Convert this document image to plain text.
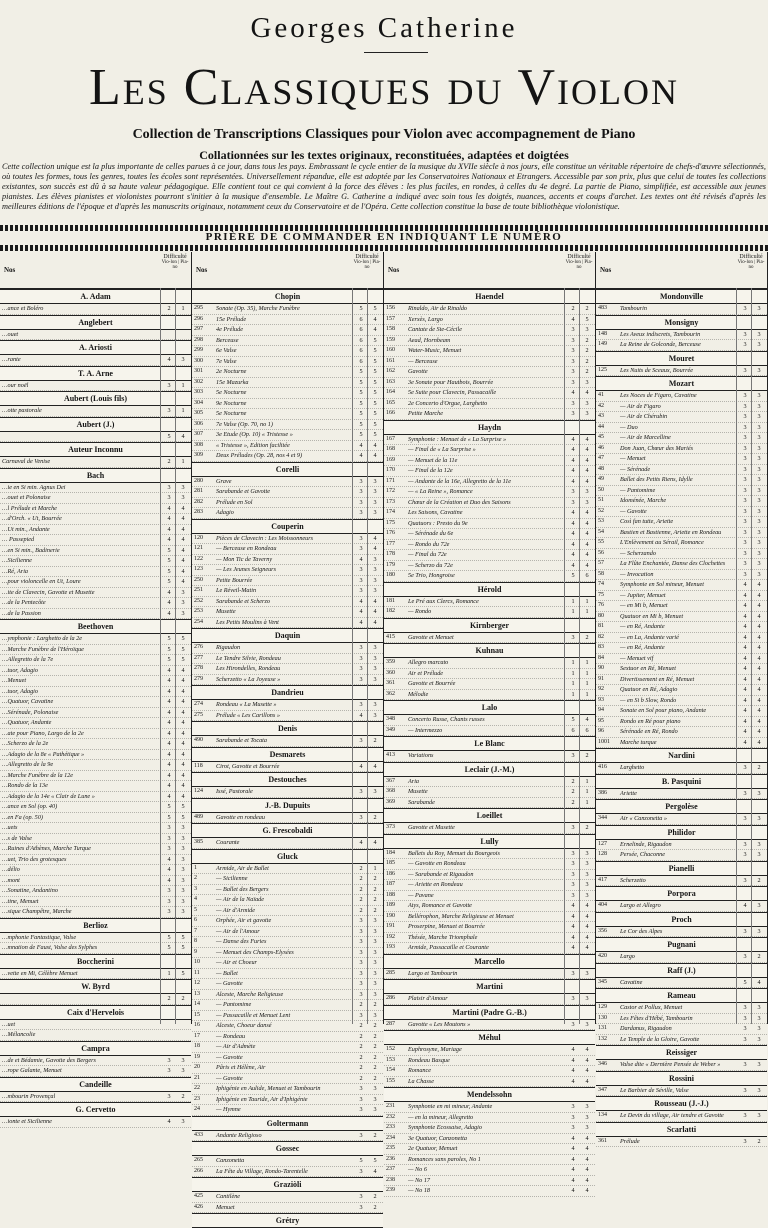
Georges Catherine
Les Classiques du Violon
Collection de Transcriptions Classiques pour Violon avec accompagnement de Piano
Collationnées sur les textes originaux, reconstituées, adaptées et doigtées
Cette collection unique est la plus importante de celles parues à ce jour, dans tous les pays. Embrassant le cycle entier de la musique du XVIIe siècle à nos jours, elle constitue un véritable répertoire de chefs-d'œuvre sélectionnés, où toutes les formes, tous les genres, toutes les écoles sont représentées. Universellement répandue, elle est adoptée par les Conservatoires Nationaux et Etrangers. Accessible par son prix, plus que celui de toutes les collections existantes, son succès est dû à sa haute valeur pédagogique. Elle contient tout ce qui convient à la force des élèves : les plus faciles, en rondes, à celles du 4e degré. La partie de Piano, simplifiée, est accessible aux jeunes pianistes. Les élèves pianistes et violonistes pourront s'initier à la musique d'ensemble. Le Maître G. Catherine a indiqué avec soin tous les doigtés, nuances, accents et coups d'archet. Les textes ont été révisés d'après les meilleures éditions de l'époque et d'après les manuscrits originaux, notamment ceux du Conservatoire et de l'Opéra. Cette collection constitue la base de toute bibliothèque violonistique.
PRIÈRE DE COMMANDER EN INDIQUANT LE NUMÉRO
Nos
Difficulté
Vio-lon | Pia-no
A. Adam
…ance et Boléro	2	1
Anglebert
…ouet
A. Ariosti
…rante	4	3
T. A. Arne
…our noël	3	1
Aubert (Louis fils)
…otte pastorale	3	1
Aubert (J.)
5	4
Auteur Inconnu
Carnaval de Venise	2	1
Bach
…ie en Si min. Agnus Dei	3	3
…ouet et Polonaise	3	3
…l Prélude et Marche	4	4
…d'Orch. « Ut, Bourrée	4	4
…Ut min., Andante	4	4
… Passepied	4	4
…en Si min., Badinerie	5	4
…Sicilienne	5	4
…Ré, Aria	5	4
…pour violoncelle en Ut, Loure	5	4
…ite de Clavecin, Gavotte et Musette	4	3
…de la Pentecôte	4	3
…de la Passion	4	3
Beethoven
…ymphonie : Larghetto de la 2e	5	5
…Marche Funèbre de l'Héroïque	5	5
…Allegretto de la 7e	5	5
…tuor, Adagio	4	4
…Menuet	4	4
…tuor, Adagio	4	4
…Quatuor, Cavatine	4	4
…Sérénade, Polonaise	4	4
…Quatuor, Andante	4	4
…ate pour Piano, Largo de la 2e	4	4
…Scherzo de la 2e	4	4
…Adagio de la 8e « Pathétique »	4	4
…Allegretto de la 9e	4	4
…Marche Funèbre de la 12e	4	4
…Rondo de la 13e	4	4
…Adagio de la 14e « Clair de Lune »	4	4
…ance en Sol (op. 40)	5	5
…en Fa (op. 50)	5	5
…uets	3	3
…s de Valse	3	3
…Ruines d'Athènes, Marche Turque	3	3
…uet, Trio des grotesques	4	3
…délio	4	3
…mont	4	3
…Sonatine, Andantino	3	3
…tine, Menuet	3	3
…sique Champêtre, Marche	3	3
Berlioz
…mphonie Fantastique, Valse	5	5
…mnation de Faust, Valse des Sylphes	5	5
Boccherini
…vette en Mi, Célèbre Menuet	1	5
W. Byrd
2	2
Caix d'Hervelois
…uet
…Mélancolie
Campra
…de et Bédamie, Gavotte des Bergers	3	3
…rope Galante, Menuet	3	3
Candeille
…mbourin Provençal	3	2
G. Cervetto
…ionte et Sicilienne	4	3
Nos
Difficulté
Vio-lon | Pia-no
Chopin
295	Sonate (Op. 35), Marche Funèbre	5	5
296	15e Prélude	6	4
297	4e Prélude	6	4
298	Berceuse	6	5
299	6e Valse	6	5
300	7e Valse	6	5
301	2e Nocturne	5	5
302	15e Mazurka	5	5
303	5e Nocturne	5	5
304	9e Nocturne	5	5
305	5e Nocturne	5	5
306	7e Valse (Op. 70, no 1)	5	5
307	3e Etude (Op. 10) « Tristesse »	5	5
308	« Tristesse », Edition facilitée	4	4
309	Deux Préludes (Op. 28, nos 4 et 9)	4	4
Corelli
280	Grave	3	3
281	Sarabande et Gavotte	3	3
282	Prélude en Sol	3	3
283	Adagio	3	3
Couperin
120	Pièces de Clavecin : Les Moissonneurs	3	4
121	— Berceuse en Rondeau	3	4
122	— Mon Tic de Taverny	4	3
123	— Les Jeunes Seigneurs	3	3
250	Petite Bourrée	3	3
251	Le Réveil-Matin	3	3
252	Sarabande et Scherzo	4	4
253	Musette	4	4
254	Les Petits Moulins à Vent	4	4
Daquin
276	Rigaudon	3	3
277	Le Tendre Silvie, Rondeau	3	3
278	Les Hirondelles, Rondeau	3	3
279	Scherzetto « La Joyeuse »	3	3
Dandrieu
274	Rondeau « La Musette »	3	3
275	Prélude « Les Carillons »	4	3
Denis
490	Sarabande et Tocata	3	2
Desmarets
118	Cirot, Gavotte et Bourrée	4	4
Destouches
124	Issé, Pastorale	3	3
J.-B. Dupuits
489	Gavotte en rondeau	3	2
G. Frescobaldi
385	Courante	4	4
Gluck
1	Armide, Air de Ballet	2	1
2	— Sicilienne	2	2
3	— Ballet des Bergers	2	2
4	— Air de la Naïade	2	2
5	— Air d'Armide	2	2
6	Orphée, Air et gavotte	3	3
7	— Air de l'Amour	3	3
8	— Danse des Furies	3	3
9	— Menuet des Champs-Elysées	3	3
10	— Air et Choeur	3	3
11	— Ballet	3	3
12	— Gavotte	3	3
13	Alceste, Marche Religieuse	3	3
14	— Pantomime	2	2
15	— Passacaille et Menuet Lent	3	3
16	Alceste, Choeur dansé	2	2
17	— Rondeau	2	2
18	— Air d'Admète	2	2
19	— Gavotte	2	2
20	Pâris et Hélène, Air	2	2
21	— Gavotte	2	2
22	Iphigénie en Aulide, Menuet et Tambourin	3	3
23	Iphigénie en Tauride, Air d'Iphigénie	3	3
24	— Hymne	3	3
Goltermann
433	Andante Religioso	3	2
Gossec
265	Canzonetta	5	5
266	La Fête du Village, Rondo-Tarentelle	3	4
Graziòli
425	Cantilène	3	2
426	Menuet	3	2
Grétry
Nos
Difficulté
Vio-lon | Pia-no
Haendel
156	Rinaldo, Air de Rinaldo	2	2
157	Xerxès, Largo	4	5
158	Cantate de Ste-Cécile	3	3
159	Aead, Hornbeam	3	2
160	Water-Music, Menuet	3	2
161	— Berceuse	3	2
162	Gavotte	3	2
163	3e Sonate pour Hautbois, Bourrée	3	3
164	5e Suite pour Clavecin, Passacaille	4	4
165	2e Concerto d'Orgue, Larghetto	3	3
166	Petite Marche	3	3
Haydn
167	Symphonie : Menuet de « La Surprise »	4	4
168	— Final de « La Surprise »	4	4
169	— Menuet de la 11e	4	4
170	— Final de la 12e	4	4
171	— Andante de la 16e, Allegretto de la 11e	4	4
172	— « La Reine », Romance	3	3
173	Chœur de la Création et Duo des Saisons	3	3
174	Les Saisons, Cavatine	4	4
175	Quatuors : Presto du 9e	4	4
176	— Sérénade du 6e	4	4
177	— Rondo du 72e	4	4
178	— Final du 72e	4	4
179	— Scherzo du 72e	4	4
180	5e Trio, Hongroise	5	6
Hérold
181	Le Pré aux Clercs, Romance	1	1
182	— Rondo	1	1
Kirnberger
415	Gavotte et Menuet	3	2
Kuhnau
359	Allegro marcato	1	1
360	Air et Prélude	1	1
361	Gavotte et Bourrée	1	1
362	Mélodie	1	1
Lalo
348	Concerto Russe, Chants russes	5	4
349	— Intermezzo	6	6
Le Blanc
413	Variations	3	2
Leclair (J.-M.)
367	Aria	2	1
368	Musette	2	1
369	Sarabande	2	1
Loeillet
373	Gavotte et Musette	3	2
Lully
184	Ballets du Roy, Menuet du Bourgeois	3	3
185	— Gavotte en Rondeau	3	3
186	— Sarabande et Rigaudon	3	3
187	— Ariette en Rondeau	3	3
188	— Pavane	3	3
189	Atys, Romance et Gavotte	4	4
190	Bellérophon, Marche Religieuse et Menuet	4	4
191	Proserpine, Menuet et Bourrée	4	4
192	Thésée, Marche Triomphale	4	4
193	Armide, Passacaille et Courante	4	4
Marcello
285	Largo et Tambourin	3	3
Martini
286	Plaisir d'Amour	3	3
Martini (Padre G.-B.)
287	Gavotte « Les Moutons »	3	3
Méhul
152	Euphrosyne, Mariage	4	4
153	Rondeau Basque	4	4
154	Romance	4	4
155	La Chasse	4	4
Mendelssohn
231	Symphonie en mi mineur, Andante	3	3
232	— en la mineur, Allegretto	3	3
233	Symphonie Ecossaise, Adagio	3	3
234	3e Quatuor, Canzonetta	4	4
235	2e Quatuor, Menuet	4	4
236	Romances sans paroles, No 1	4	4
237	— No 6	4	4
238	— No 17	4	4
239	— No 18	4	4
Nos
Difficulté
Vio-lon | Pia-no
Mondonville
483	Tambourin	3	3
Monsigny
148	Les Aveux indiscrets, Tambourin	3	3
149	La Reine de Golconde, Berceuse	3	3
Mouret
125	Les Nuits de Sceaux, Bourrée	3	3
Mozart
41	Les Noces de Figaro, Cavatine	3	3
42	— Air de Figaro	3	3
43	— Air de Chérubin	3	3
44	— Duo	3	3
45	— Air de Marcelline	3	3
46	Don Juan, Chœur des Mariés	3	3
47	— Menuet	3	3
48	— Sérénade	3	3
49	Ballet des Petits Riens, Idylle	3	3
50	— Pantomime	3	3
51	Idoménée, Marche	3	3
52	— Gavotte	3	3
53	Così fan tutte, Ariette	3	3
54	Bastien et Bastienne, Ariette en Rondeau	3	3
55	L'Enlèvement au Sérail, Romance	3	3
56	— Scherzando	3	3
57	La Flûte Enchantée, Danse des Clochettes	3	3
58	— Invocation	3	3
74	Symphonie en Sol mineur, Menuet	4	4
75	— Jupiter, Menuet	4	4
76	— en Mi b, Menuet	4	4
80	Quatuor en Mi b, Menuet	4	4
81	— en Ré, Andante	4	4
82	— en La, Andante varié	4	4
83	— en Ré, Andante	4	4
84	— Menuet vif	4	4
90	Sextuor en Ré, Menuet	4	4
91	Divertissement en Ré, Menuet	4	4
92	Quatuor en Ré, Adagio	4	4
93	— en Si b Slow, Rondo	4	4
94	Sonate en Sol pour piano, Andante	4	4
95	Rondo en Ré pour piano	4	4
96	Sérénade en Ré, Rondo	4	4
1001	Marche turque	4	4
Nardini
416	Larghetto	3	2
B. Pasquini
386	Ariette	3	3
Pergolèse
344	Air « Canzonetta »	3	3
Philidor
127	Ernelinde, Rigaudon	3	3
128	Persée, Chaconne	3	3
Pianelli
417	Scherzetto	3	2
Porpora
404	Largo et Allegro	4	3
Proch
356	Le Cor des Alpes	3	3
Pugnani
420	Largo	3	2
Raff (J.)
345	Cavatine	5	4
Rameau
129	Castor et Pollux, Menuet	3	3
130	Les Fêtes d'Hébé, Tambourin	3	3
131	Dardanus, Rigaudon	3	3
132	Le Temple de la Gloire, Gavotte	3	3
Reissiger
346	Valse dite « Dernière Pensée de Weber »	3	3
Rossini
347	Le Barbier de Séville, Valse	3	3
Rousseau (J.-J.)
134	Le Devin du village, Air tendre et Gavotte	3	3
Scarlatti
361	Prélude	3	2
